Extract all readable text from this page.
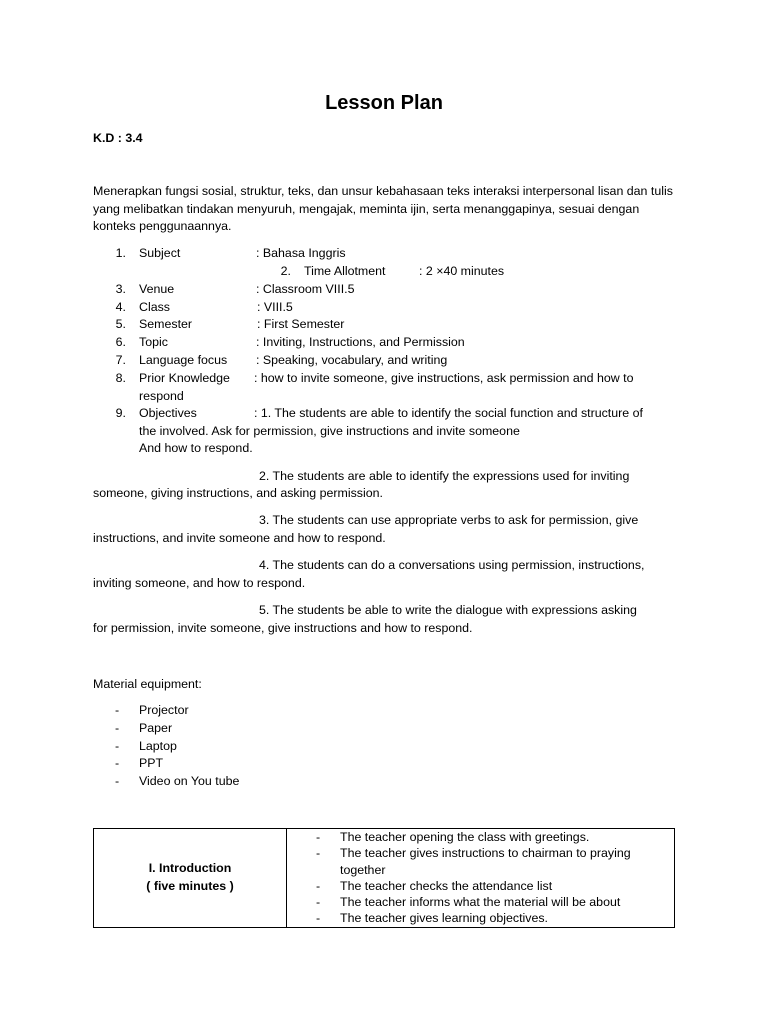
Lesson Plan
K.D : 3.4
Menerapkan fungsi sosial, struktur, teks, dan unsur kebahasaan teks interaksi interpersonal lisan dan tulis yang melibatkan tindakan menyuruh, mengajak, meminta ijin, serta menanggapinya, sesuai dengan konteks penggunaannya.
1. Subject	: Bahasa Inggris
2. Time Allotment	: 2 ×40 minutes
3. Venue	: Classroom VIII.5
4. Class	: VIII.5
5. Semester	: First Semester
6. Topic	: Inviting, Instructions, and Permission
7. Language focus : Speaking, vocabulary, and writing
8. Prior Knowledge : how to invite someone, give instructions, ask permission and how to
respond
9. Objectives	: 1. The students are able to identify the social function and structure of
the involved. Ask for permission, give instructions and invite someone
And how to respond.
2. The students are able to identify the expressions used for inviting
someone, giving instructions, and asking permission.
3. The students can use appropriate verbs to ask for permission, give
instructions, and invite someone and how to respond.
4. The students can do a conversations using permission, instructions,
inviting someone, and how to respond.
5. The students be able to write the dialogue with expressions asking
for permission, invite someone, give instructions and how to respond.
Material equipment:
- Projector
- Paper
- Laptop
- PPT
- Video on You tube
I. Introduction
( five minutes )

- The teacher opening the class with greetings.
- The teacher gives instructions to chairman to praying together
- The teacher checks the attendance list
- The teacher informs what the material will be about
- The teacher gives learning objectives.
